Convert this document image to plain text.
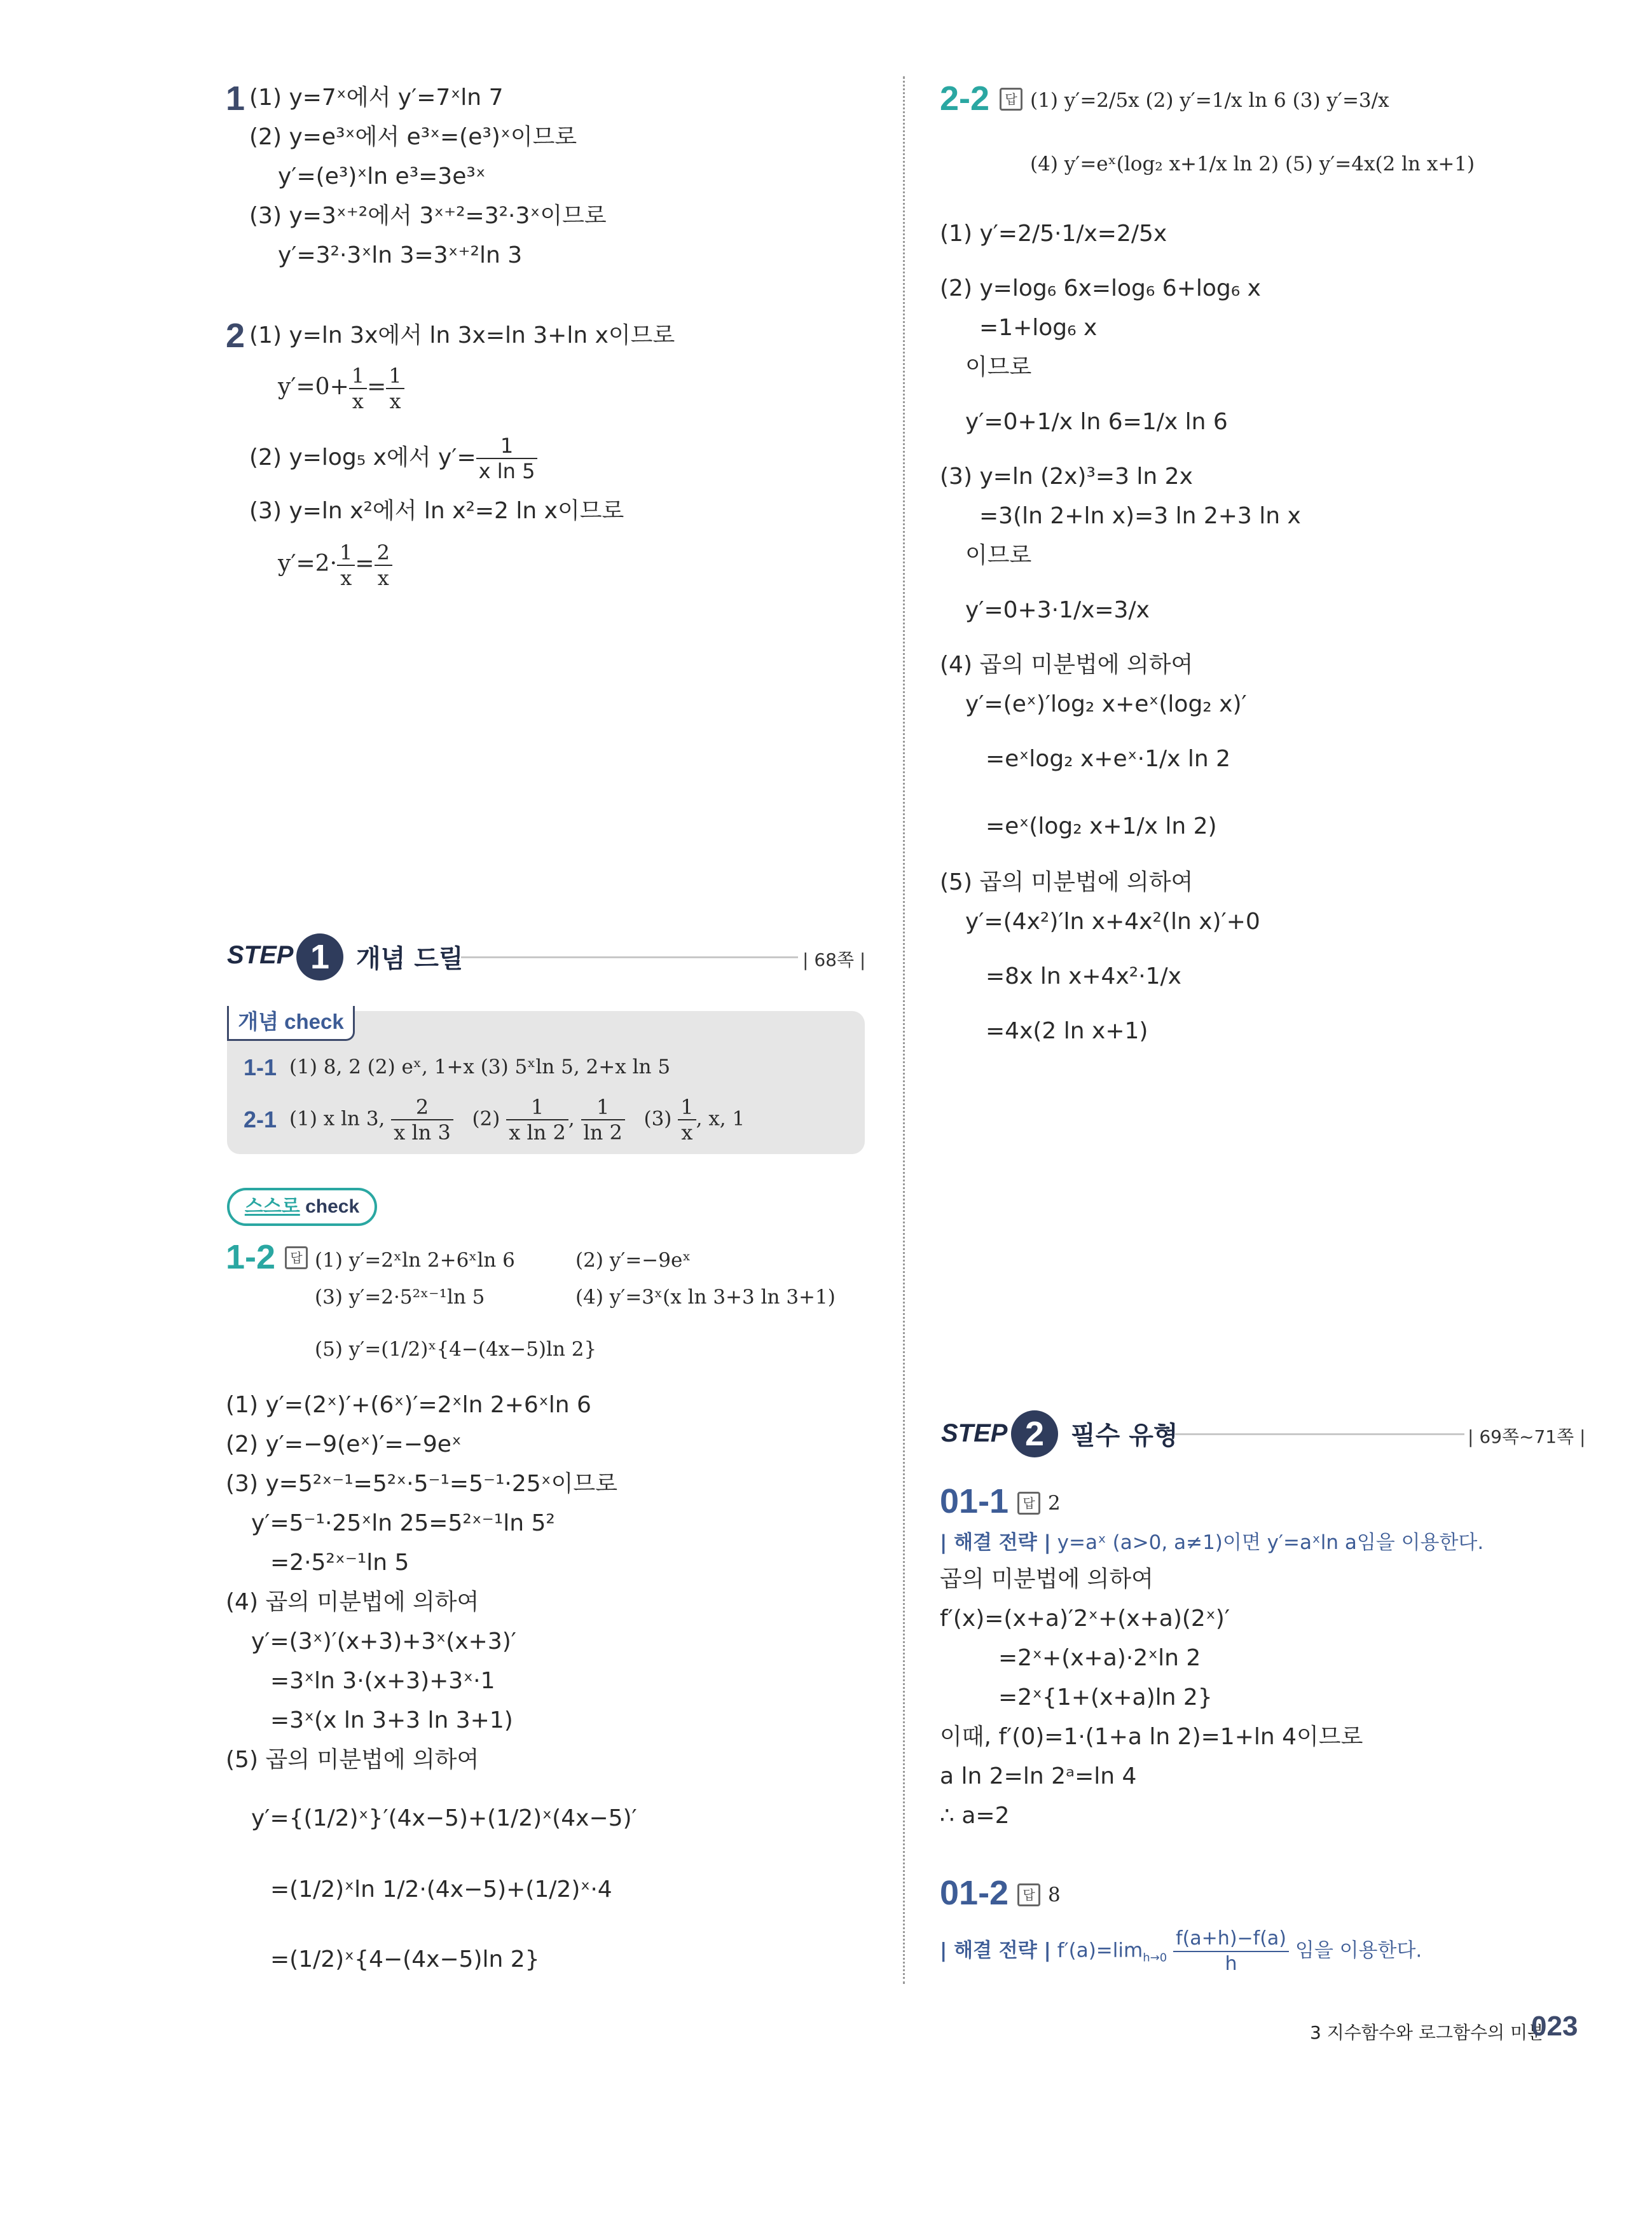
1 (1) y=7ˣ에서 y′=7ˣln 7
(2) y=e³ˣ에서 e³ˣ=(e³)ˣ이므로
y′=(e³)ˣln e³=3e³ˣ
(3) y=3ˣ⁺²에서 3ˣ⁺²=3²·3ˣ이므로
y′=3²·3ˣln 3=3ˣ⁺²ln 3
2 (1) y=ln 3x에서 ln 3x=ln 3+ln x이므로
$y'=0+ \frac{1}{x} = \frac{1}{x}$
(2) y=log₅ x에서 $y'= \frac{1}{\text{x ln 5}}$
(3) y=ln x²에서 ln x²=2 ln x이므로
$y'=2\cdot \frac{1}{x} = \frac{2}{x}$
STEP 1	개념 드릴	| 68쪽 |
개념 check
1-1 (1) 8, 2 (2) eˣ, 1+x (3) 5ˣln 5, 2+x ln 5
2-1 (1) x ln 3, $\frac{2}{\text{x ln 3}} (2) \frac{1}{\text{x ln 2}}$ , $\frac{1}{\ln 2} (3) \frac{1}{x}$ , x, 1
스스로 check
1-2	답 (1) y′=2ˣln 2+6ˣln 6	(2) y′=−9eˣ
(3) y′=2·5²ˣ⁻¹ln 5	(4) y′=3ˣ(x ln 3+3 ln 3+1)
(5) y′=(1/2)ˣ{4−(4x−5)ln 2}
(1) y′=(2ˣ)′+(6ˣ)′=2ˣln 2+6ˣln 6
(2) y′=−9(eˣ)′=−9eˣ
(3) y=5²ˣ⁻¹=5²ˣ·5⁻¹=5⁻¹·25ˣ이므로
y′=5⁻¹·25ˣln 25=5²ˣ⁻¹ln 5²
=2·5²ˣ⁻¹ln 5
(4) 곱의 미분법에 의하여
y′=(3ˣ)′(x+3)+3ˣ(x+3)′
=3ˣln 3·(x+3)+3ˣ·1
=3ˣ(x ln 3+3 ln 3+1)
(5) 곱의 미분법에 의하여
y′={(1/2)ˣ}′(4x−5)+(1/2)ˣ(4x−5)′
=(1/2)ˣln 1/2·(4x−5)+(1/2)ˣ·4
=(1/2)ˣ{4−(4x−5)ln 2}
2-2	답 (1) y′=2/5x (2) y′=1/x ln 6 (3) y′=3/x
(4) y′=eˣ(log₂ x+1/x ln 2) (5) y′=4x(2 ln x+1)
(1) y′=2/5·1/x=2/5x
(2) y=log₆ 6x=log₆ 6+log₆ x
=1+log₆ x
이므로
y′=0+1/x ln 6=1/x ln 6
(3) y=ln (2x)³=3 ln 2x
=3(ln 2+ln x)=3 ln 2+3 ln x
이므로
y′=0+3·1/x=3/x
(4) 곱의 미분법에 의하여
y′=(eˣ)′log₂ x+eˣ(log₂ x)′
=eˣlog₂ x+eˣ·1/x ln 2
=eˣ(log₂ x+1/x ln 2)
(5) 곱의 미분법에 의하여
y′=(4x²)′ln x+4x²(ln x)′+0
=8x ln x+4x²·1/x
=4x(2 ln x+1)
STEP 2	필수 유형	| 69쪽~71쪽 |
01-1	답 2
| 해결 전략 | y=aˣ (a>0, a≠1)이면 y′=aˣln a임을 이용한다.
곱의 미분법에 의하여
f′(x)=(x+a)′2ˣ+(x+a)(2ˣ)′
=2ˣ+(x+a)·2ˣln 2
=2ˣ{1+(x+a)ln 2}
이때, f′(0)=1·(1+a ln 2)=1+ln 4이므로
a ln 2=ln 2ᵃ=ln 4
∴ a=2
01-2	답 8
| 해결 전략 | $f'(a)=\lim_{h\to 0} \frac{f(a+h)-f(a)}{h}$ 임을 이용한다.
3 지수함수와 로그함수의 미분
023
